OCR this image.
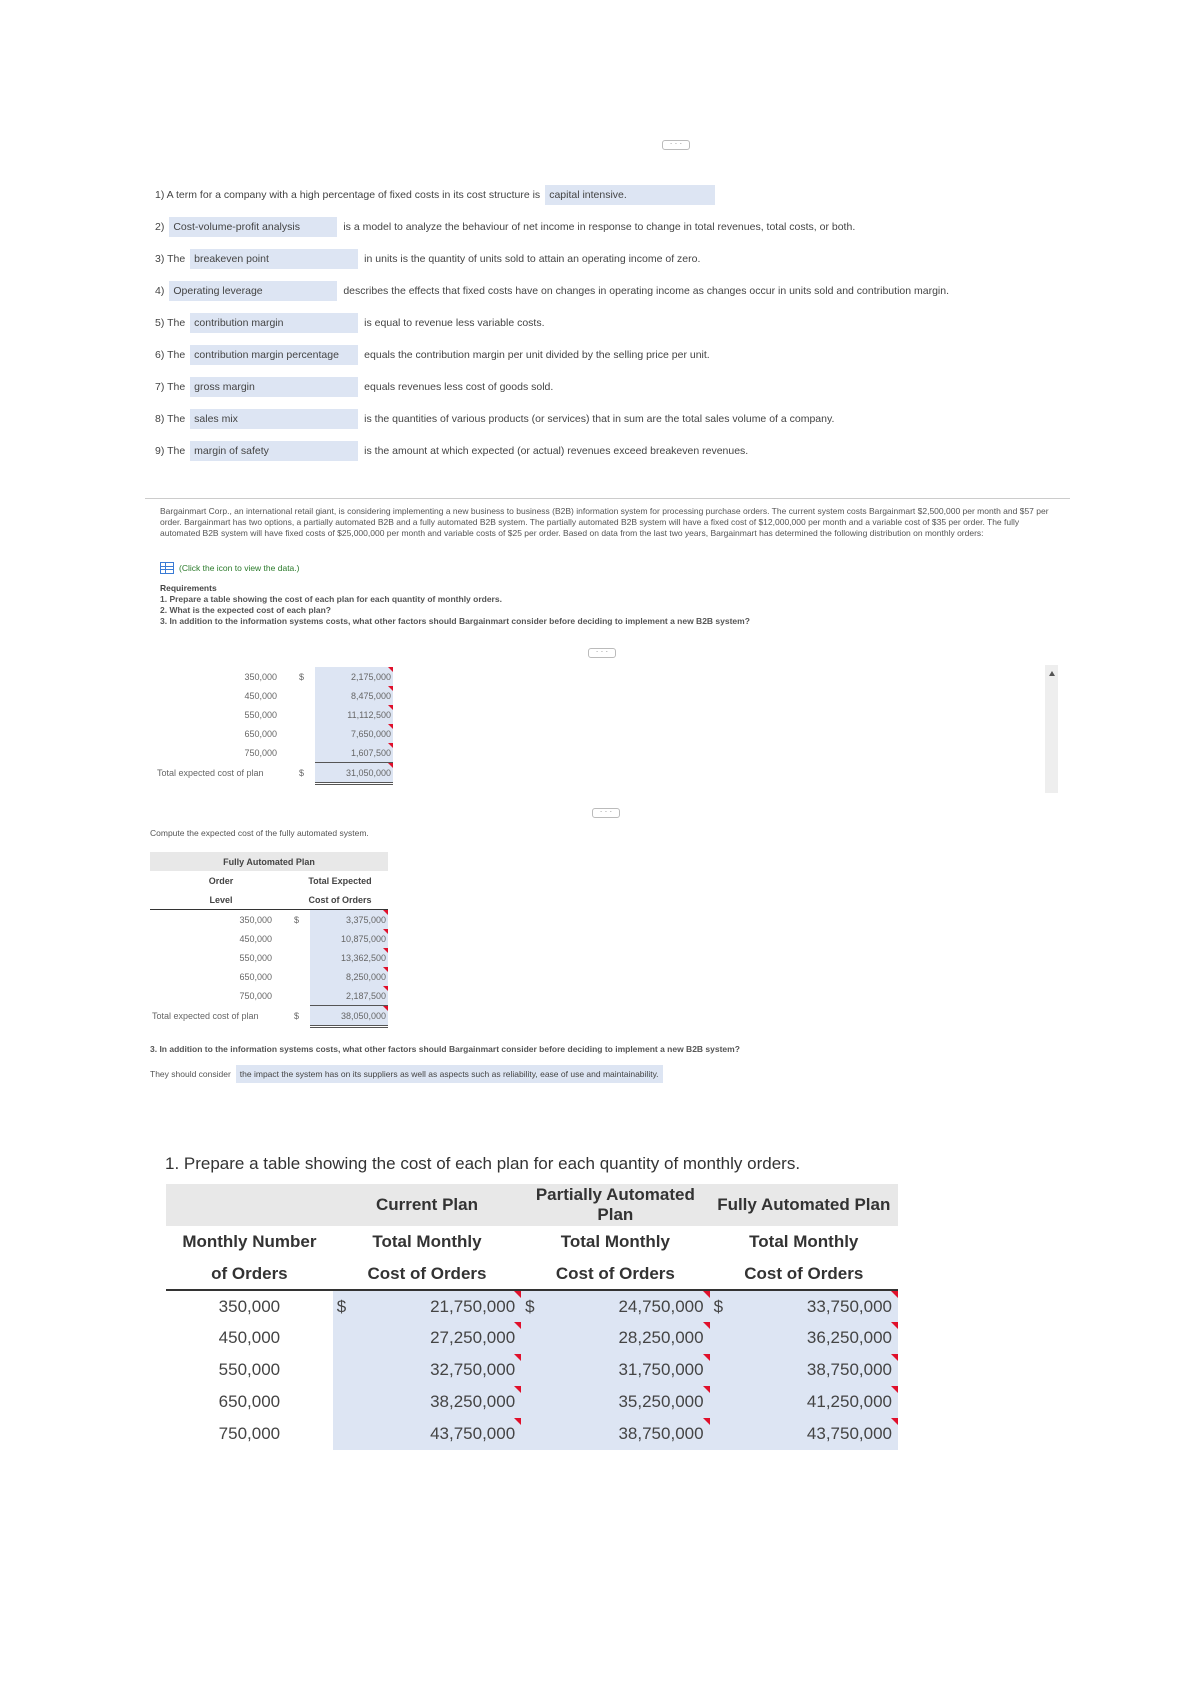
· · ·
1) A term for a company with a high percentage of fixed costs in its cost structure is capital intensive.
2) Cost-volume-profit analysis	is a model to analyze the behaviour of net income in response to change in total revenues, total costs, or both.
3) The breakeven point	in units is the quantity of units sold to attain an operating income of zero.
4) Operating leverage	describes the effects that fixed costs have on changes in operating income as changes occur in units sold and contribution margin.
5) The contribution margin	is equal to revenue less variable costs.
6) The contribution margin percentage	equals the contribution margin per unit divided by the selling price per unit.
7) The gross margin	equals revenues less cost of goods sold.
8) The sales mix	is the quantities of various products (or services) that in sum are the total sales volume of a company.
9) The margin of safety	is the amount at which expected (or actual) revenues exceed breakeven revenues.
Bargainmart Corp., an international retail giant, is considering implementing a new business to business (B2B) information system for processing purchase orders. The current system costs Bargainmart $2,500,000 per month and $57 per order. Bargainmart has two options, a partially automated B2B and a fully automated B2B system. The partially automated B2B system will have a fixed cost of $12,000,000 per month and a variable cost of $35 per order. The fully automated B2B system will have fixed costs of $25,000,000 per month and variable costs of $25 per order. Based on data from the last two years, Bargainmart has determined the following distribution on monthly orders:
(Click the icon to view the data.)
Requirements
1. Prepare a table showing the cost of each plan for each quantity of monthly orders.
2. What is the expected cost of each plan?
3. In addition to the information systems costs, what other factors should Bargainmart consider before deciding to implement a new B2B system?
· · ·
350,000	$	2,175,000

450,000		8,475,000

550,000		11,112,500

650,000		7,650,000

750,000		1,607,500

Total expected cost of plan	$	31,050,000
· · ·
Compute the expected cost of the fully automated system.
Fully Automated Plan		
Order	Total Expected	
Level	Cost of Orders	
350,000	$	3,375,000

450,000		10,875,000

550,000		13,362,500

650,000		8,250,000

750,000		2,187,500

Total expected cost of plan	$	38,050,000
3. In addition to the information systems costs, what other factors should Bargainmart consider before deciding to implement a new B2B system?
They should consider	the impact the system has on its suppliers as well as aspects such as reliability, ease of use and maintainability.
1. Prepare a table showing the cost of each plan for each quantity of monthly orders.
	Current Plan		Partially Automated Plan		Fully Automated Plan	
Monthly Number	Total Monthly		Total Monthly		Total Monthly	
of Orders	Cost of Orders		Cost of Orders		Cost of Orders	
350,000	$	21,750,000	$	24,750,000	$	33,750,000

450,000		27,250,000		28,250,000		36,250,000

550,000		32,750,000		31,750,000		38,750,000

650,000		38,250,000		35,250,000		41,250,000

750,000		43,750,000		38,750,000		43,750,000
